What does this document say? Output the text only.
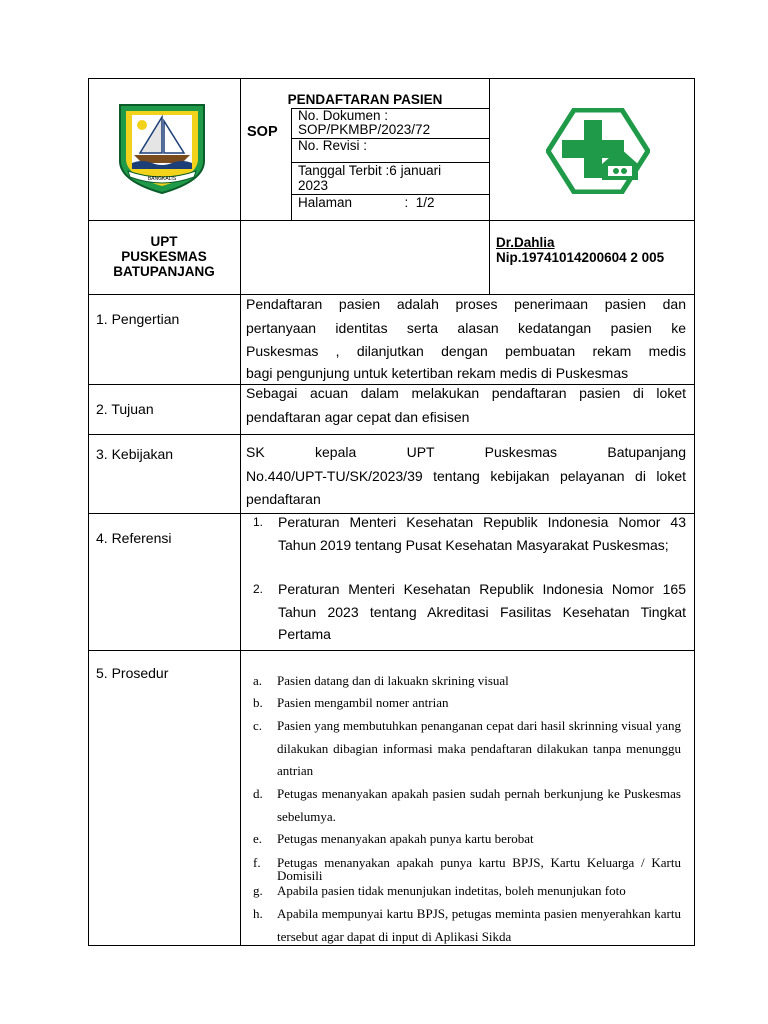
BANGKALIS
PENDAFTARAN PASIEN
SOP
No. Dokumen :
SOP/PKMBP/2023/72
No. Revisi :
Tanggal Terbit :6 januari
2023
Halaman              :  1/2
UPT
PUSKESMAS
BATUPANJANG
Dr.Dahlia
Nip.19741014200604 2 005
1. Pengertian
Pendaftaran pasien adalah proses penerimaan pasien dan
pertanyaan identitas serta alasan kedatangan pasien ke
Puskesmas , dilanjutkan dengan pembuatan rekam medis
bagi pengunjung untuk ketertiban rekam medis di Puskesmas
2. Tujuan
Sebagai acuan dalam melakukan pendaftaran pasien di loket
pendaftaran agar cepat dan efisisen
3. Kebijakan	SK kepala UPT Puskesmas Batupanjang
No.440/UPT-TU/SK/2023/39 tentang kebijakan pelayanan di loket
pendaftaran
4. Referensi
1. Peraturan Menteri Kesehatan Republik Indonesia Nomor 43 Tahun 2019 tentang Pusat Kesehatan Masyarakat Puskesmas;
2. Peraturan Menteri Kesehatan Republik Indonesia Nomor 165 Tahun 2023 tentang Akreditasi Fasilitas Kesehatan Tingkat Pertama
5. Prosedur	a. Pasien datang dan di lakuakn skrining visual
b. Pasien mengambil nomer antrian
c. Pasien yang membutuhkan penanganan cepat dari hasil skrinning visual yang dilakukan dibagian informasi maka pendaftaran dilakukan tanpa menunggu antrian
d. Petugas menanyakan apakah pasien sudah pernah berkunjung ke Puskesmas sebelumya.
e. Petugas menanyakan apakah punya kartu berobat
f. Petugas menanyakan apakah punya kartu BPJS, Kartu Keluarga / Kartu Domisili
g. Apabila pasien tidak menunjukan indetitas, boleh menunjukan foto
h. Apabila mempunyai kartu BPJS, petugas meminta pasien menyerahkan kartu tersebut agar dapat di input di Aplikasi Sikda
